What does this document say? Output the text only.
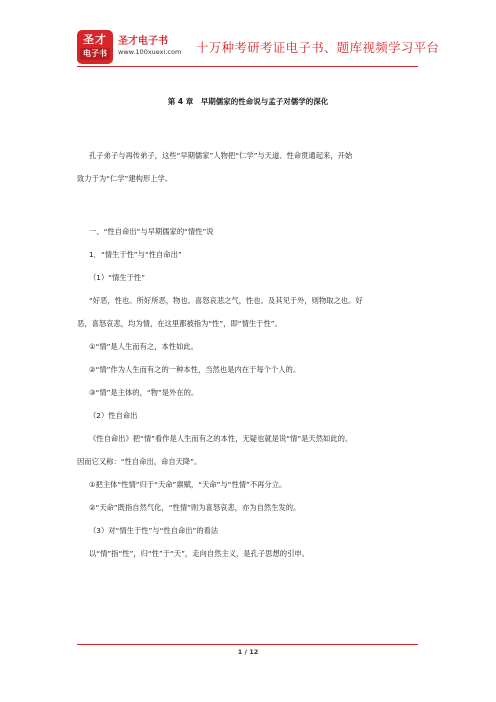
圣才
电子书
圣才电子书
www.100xuexi.com 十万种考研考证电子书、题库视频学习平台
第 4 章　早期儒家的性命说与孟子对儒学的深化
孔子弟子与再传弟子，这些“早期儒家”人物把“仁学”与天道、性命贯通起来，开始
致力于为“仁学”建构形上学。
一、“性自命出”与早期儒家的“情性”说
1．“情生于性”与“性自命出”
（1）“情生于性”
“好恶，性也。所好所恶，物也。喜怒哀悲之气，性也。及其见于外，则物取之也。好
恶，喜怒哀悲，均为情，在这里都被指为“性”，即“情生于性”。
①“情”是人生而有之，本性如此。
②“情”作为人生而有之的一种本性，当然也是内在于每个个人的。
③“情”是主体的，“物”是外在的。
（2）性自命出
《性自命出》把“情”看作是人生而有之的本性，无疑也就是说“情”是天然如此的。
因而它又称：“性自命出，命自天降”。
①把主体“性情”归于“天命”禀赋，“天命”与“性情”不再分立。
②“天命”既指自然气化，“性情”则为喜怒哀悲，亦为自然生发的。
（3）对“情生于性”与“性自命出”的看法
以“情”指“性”，归“性”于“天”，走向自然主义，是孔子思想的引申。
1 / 12
